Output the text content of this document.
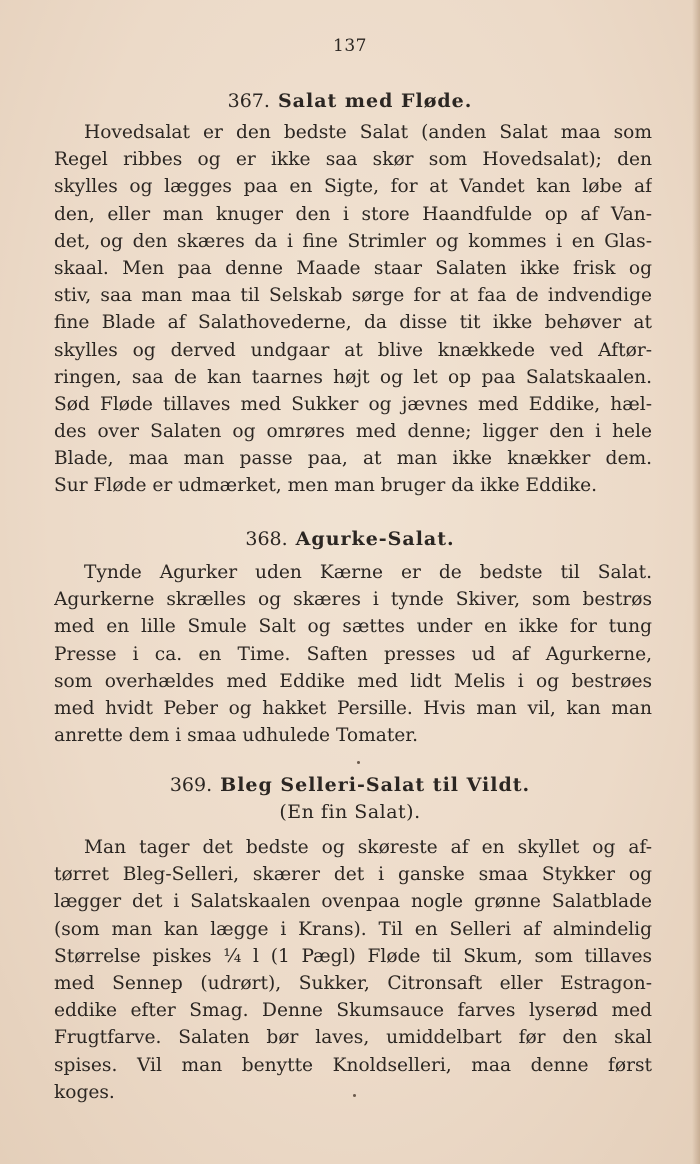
137
367. Salat med Fløde.
Hovedsalat er den bedste Salat (anden Salat maa som
Regel ribbes og er ikke saa skør som Hovedsalat); den
skylles og lægges paa en Sigte, for at Vandet kan løbe af
den, eller man knuger den i store Haandfulde op af Van-
det, og den skæres da i fine Strimler og kommes i en Glas-
skaal. Men paa denne Maade staar Salaten ikke frisk og
stiv, saa man maa til Selskab sørge for at faa de indvendige
fine Blade af Salathovederne, da disse tit ikke behøver at
skylles og derved undgaar at blive knækkede ved Aftør-
ringen, saa de kan taarnes højt og let op paa Salatskaalen.
Sød Fløde tillaves med Sukker og jævnes med Eddike, hæl-
des over Salaten og omrøres med denne; ligger den i hele
Blade, maa man passe paa, at man ikke knækker dem.
Sur Fløde er udmærket, men man bruger da ikke Eddike.
368. Agurke-Salat.
Tynde Agurker uden Kærne er de bedste til Salat.
Agurkerne skrælles og skæres i tynde Skiver, som bestrøs
med en lille Smule Salt og sættes under en ikke for tung
Presse i ca. en Time. Saften presses ud af Agurkerne,
som overhældes med Eddike med lidt Melis i og bestrøes
med hvidt Peber og hakket Persille. Hvis man vil, kan man
anrette dem i smaa udhulede Tomater.
369. Bleg Selleri-Salat til Vildt.
(En fin Salat).
Man tager det bedste og skøreste af en skyllet og af-
tørret Bleg-Selleri, skærer det i ganske smaa Stykker og
lægger det i Salatskaalen ovenpaa nogle grønne Salatblade
(som man kan lægge i Krans). Til en Selleri af almindelig
Størrelse piskes ¼ l (1 Pægl) Fløde til Skum, som tillaves
med Sennep (udrørt), Sukker, Citronsaft eller Estragon-
eddike efter Smag. Denne Skumsauce farves lyserød med
Frugtfarve. Salaten bør laves, umiddelbart før den skal
spises. Vil man benytte Knoldselleri, maa denne først
koges.
